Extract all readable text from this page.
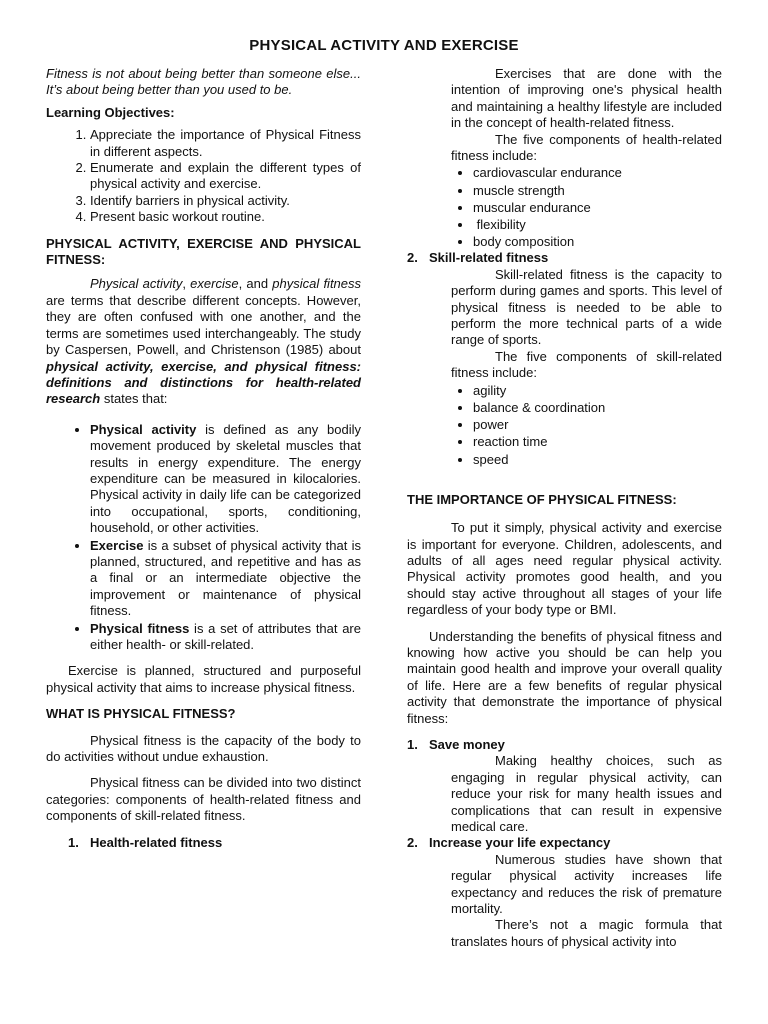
PHYSICAL ACTIVITY AND EXERCISE

Fitness is not about being better than someone else... It’s about being better than you used to be.

Learning Objectives:

1. Appreciate the importance of Physical Fitness in different aspects.
2. Enumerate and explain the different types of physical activity and exercise.
3. Identify barriers in physical activity.
4. Present basic workout routine.

PHYSICAL ACTIVITY, EXERCISE AND PHYSICAL FITNESS:

Physical activity, exercise, and physical fitness are terms that describe different concepts. However, they are often confused with one another, and the terms are sometimes used interchangeably. The study by Caspersen, Powell, and Christenson (1985) about physical activity, exercise, and physical fitness: definitions and distinctions for health-related research states that:

• Physical activity is defined as any bodily movement produced by skeletal muscles that results in energy expenditure. The energy expenditure can be measured in kilocalories. Physical activity in daily life can be categorized into occupational, sports, conditioning, household, or other activities.
• Exercise is a subset of physical activity that is planned, structured, and repetitive and has as a final or an intermediate objective the improvement or maintenance of physical fitness.
• Physical fitness is a set of attributes that are either health- or skill-related.

Exercise is planned, structured and purposeful physical activity that aims to increase physical fitness.

WHAT IS PHYSICAL FITNESS?

Physical fitness is the capacity of the body to do activities without undue exhaustion.

Physical fitness can be divided into two distinct categories: components of health-related fitness and components of skill-related fitness.

1. Health-related fitness

Exercises that are done with the intention of improving one's physical health and maintaining a healthy lifestyle are included in the concept of health-related fitness.

The five components of health-related fitness include:

• cardiovascular endurance
• muscle strength
• muscular endurance
•  flexibility
• body composition

2. Skill-related fitness

Skill-related fitness is the capacity to perform during games and sports. This level of physical fitness is needed to be able to perform the more technical parts of a wide range of sports.

The five components of skill-related fitness include:

• agility
• balance & coordination
• power
• reaction time
• speed

THE IMPORTANCE OF PHYSICAL FITNESS:

To put it simply, physical activity and exercise is important for everyone. Children, adolescents, and adults of all ages need regular physical activity. Physical activity promotes good health, and you should stay active throughout all stages of your life regardless of your body type or BMI.

Understanding the benefits of physical fitness and knowing how active you should be can help you maintain good health and improve your overall quality of life. Here are a few benefits of regular physical activity that demonstrate the importance of physical fitness:

1. Save money

Making healthy choices, such as engaging in regular physical activity, can reduce your risk for many health issues and complications that can result in expensive medical care.

2. Increase your life expectancy

Numerous studies have shown that regular physical activity increases life expectancy and reduces the risk of premature mortality.

There’s not a magic formula that translates hours of physical activity into
